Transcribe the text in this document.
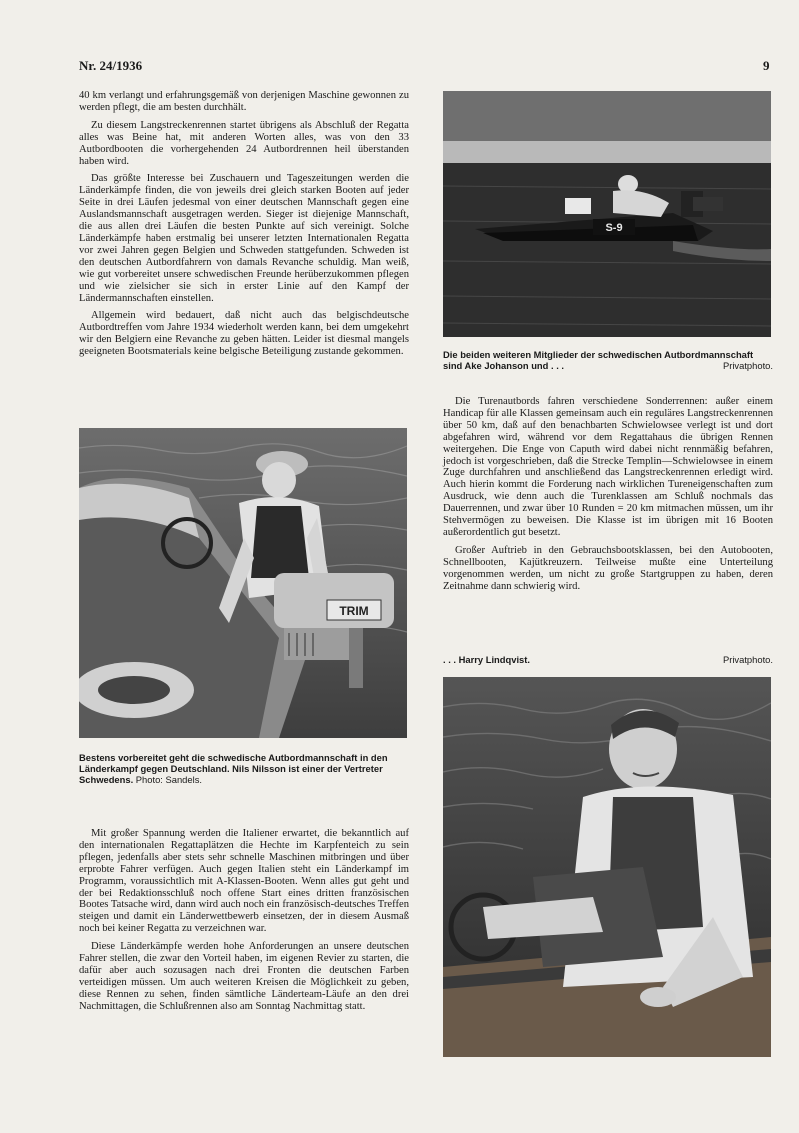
Nr. 24/1936	9

40 km verlangt und erfahrungsgemäß von derjenigen Maschine gewonnen zu werden pflegt, die am besten durchhält.

Zu diesem Langstreckenrennen startet übrigens als Abschluß der Regatta alles was Beine hat, mit anderen Worten alles, was von den 33 Autbordbooten die vorhergehenden 24 Autbordrennen heil überstanden haben wird.

Das größte Interesse bei Zuschauern und Tageszeitungen werden die Länderkämpfe finden, die von jeweils drei gleich starken Booten auf jeder Seite in drei Läufen jedesmal von einer deutschen Mannschaft gegen eine Auslandsmannschaft ausgetragen werden. Sieger ist diejenige Mannschaft, die aus allen drei Läufen die besten Punkte auf sich vereinigt. Solche Länderkämpfe haben erstmalig bei unserer letzten Internationalen Regatta vor zwei Jahren gegen Belgien und Schweden stattgefunden. Schweden ist den deutschen Autbordfahrern von damals Revanche schuldig. Man weiß, wie gut vorbereitet unsere schwedischen Freunde herüberzukommen pflegen und wie zielsicher sie sich in erster Linie auf den Kampf der Ländermannschaften einstellen.

Allgemein wird bedauert, daß nicht auch das belgischdeutsche Autbordtreffen vom Jahre 1934 wiederholt werden kann, bei dem umgekehrt wir den Belgiern eine Revanche zu geben hätten. Leider ist diesmal mangels geeigneten Bootsmaterials keine belgische Beteiligung zustande gekommen.

TRIM
Bestens vorbereitet geht die schwedische Autbordmannschaft in den Länderkampf gegen Deutschland. Nils Nilsson ist einer der Vertreter Schwedens. Photo: Sandels.

Mit großer Spannung werden die Italiener erwartet, die bekanntlich auf den internationalen Regattaplätzen die Hechte im Karpfenteich zu sein pflegen, jedenfalls aber stets sehr schnelle Maschinen mitbringen und über erprobte Fahrer verfügen. Auch gegen Italien steht ein Länderkampf im Programm, voraussichtlich mit A-Klassen-Booten. Wenn alles gut geht und der bei Redaktionsschluß noch offene Start eines dritten französischen Bootes Tatsache wird, dann wird auch noch ein französisch-deutsches Treffen steigen und damit ein Länderwettbewerb einsetzen, der in diesem Ausmaß noch bei keiner Regatta zu verzeichnen war.

Diese Länderkämpfe werden hohe Anforderungen an unsere deutschen Fahrer stellen, die zwar den Vorteil haben, im eigenen Revier zu starten, die dafür aber auch sozusagen nach drei Fronten die deutschen Farben verteidigen müssen. Um auch weiteren Kreisen die Möglichkeit zu geben, diese Rennen zu sehen, finden sämtliche Länderteam-Läufe an den drei Nachmittagen, die Schlußrennen also am Sonntag Nachmittag statt.

S-9
Die beiden weiteren Mitglieder der schwedischen Autbordmannschaft sind Ake Johanson und . . .	Privatphoto.

Die Turenautbords fahren verschiedene Sonderrennen: außer einem Handicap für alle Klassen gemeinsam auch ein reguläres Langstreckenrennen über 50 km, daß auf den benachbarten Schwielowsee verlegt ist und dort abgefahren wird, während vor dem Regattahaus die übrigen Rennen weitergehen. Die Enge von Caputh wird dabei nicht rennmäßig befahren, jedoch ist vorgeschrieben, daß die Strecke Templin—Schwielowsee in einem Zuge durchfahren und anschließend das Langstreckenrennen erledigt wird. Auch hierin kommt die Forderung nach wirklichen Tureneigenschaften zum Ausdruck, wie denn auch die Turenklassen am Schluß nochmals das Dauerrennen, und zwar über 10 Runden = 20 km mitmachen müssen, um ihr Stehvermögen zu beweisen. Die Klasse ist im übrigen mit 16 Booten außerordentlich gut besetzt.

Großer Auftrieb in den Gebrauchsbootsklassen, bei den Autobooten, Schnellbooten, Kajütkreuzern. Teilweise mußte eine Unterteilung vorgenommen werden, um nicht zu große Startgruppen zu haben, deren Zeitnahme dann schwierig wird.

. . . Harry Lindqvist.	Privatphoto.
